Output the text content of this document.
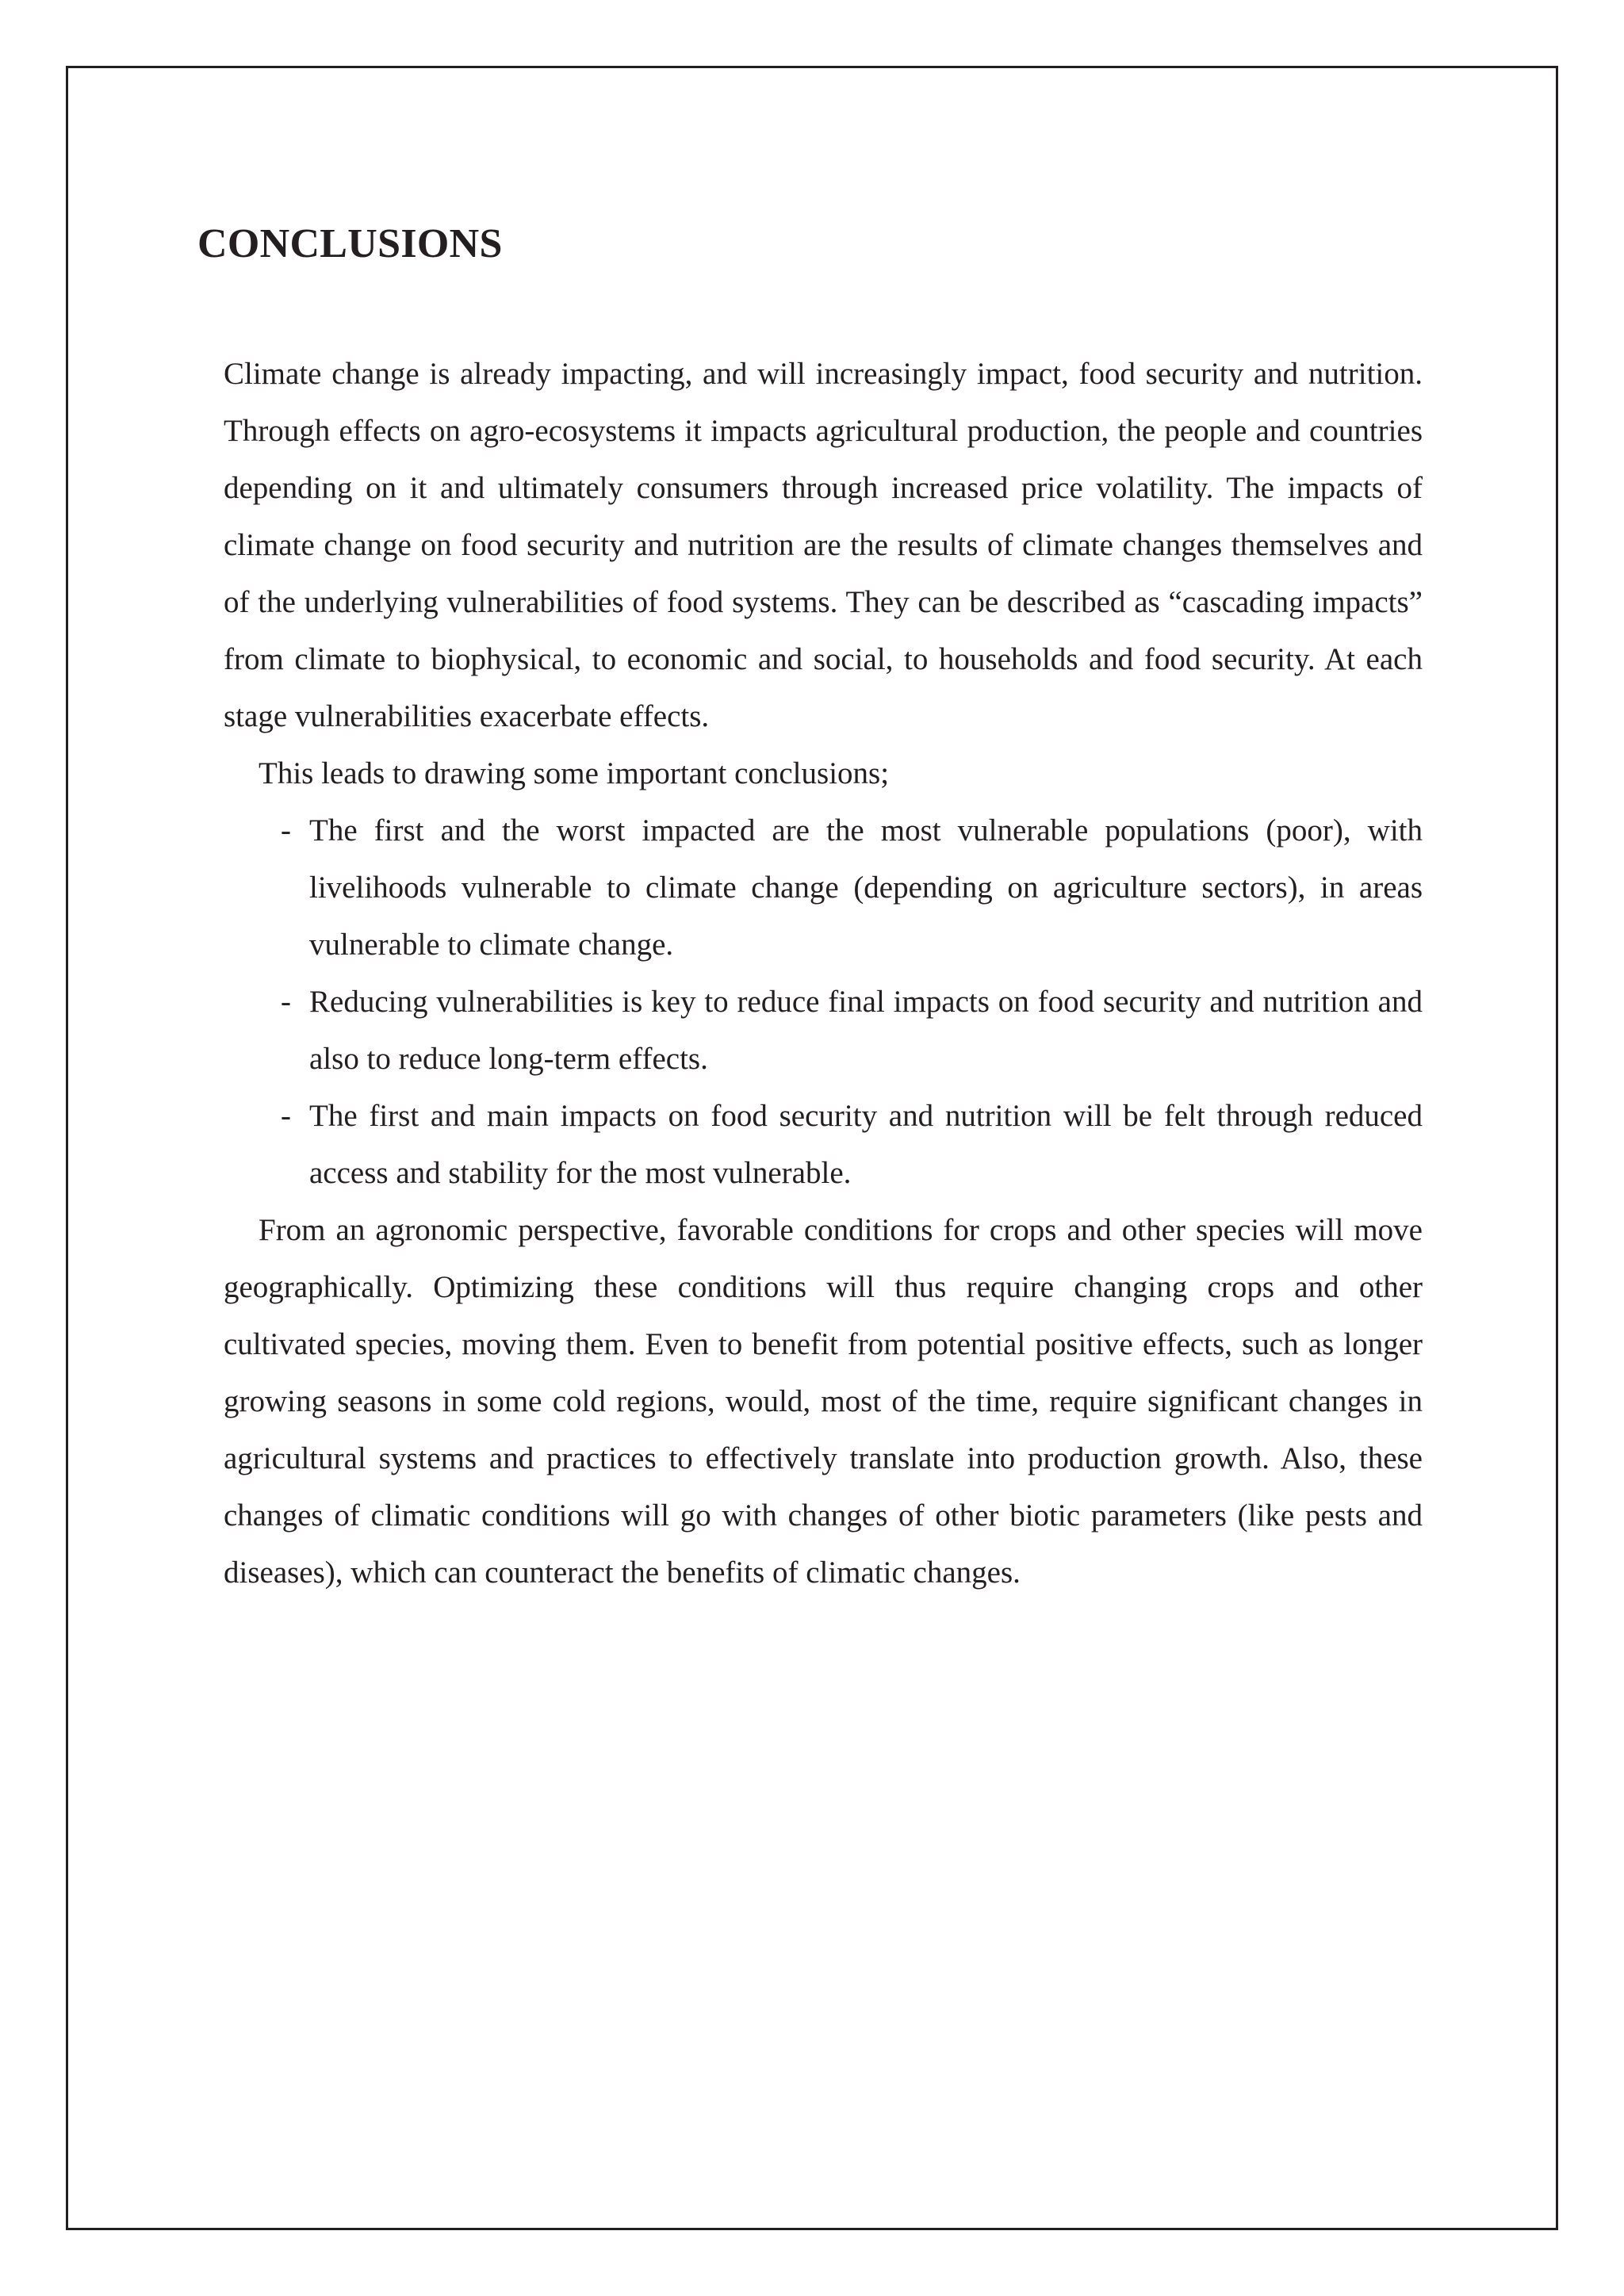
CONCLUSIONS

Climate change is already impacting, and will increasingly impact, food security and nutrition. Through effects on agro-ecosystems it impacts agricultural production, the people and countries depending on it and ultimately consumers through increased price volatility. The impacts of climate change on food security and nutrition are the results of climate changes themselves and of the underlying vulnerabilities of food systems. They can be described as “cascading impacts” from climate to biophysical, to economic and social, to households and food security. At each stage vulnerabilities exacerbate effects.

This leads to drawing some important conclusions;

- The first and the worst impacted are the most vulnerable populations (poor), with livelihoods vulnerable to climate change (depending on agriculture sectors), in areas vulnerable to climate change.
- Reducing vulnerabilities is key to reduce final impacts on food security and nutrition and also to reduce long-term effects.
- The first and main impacts on food security and nutrition will be felt through reduced access and stability for the most vulnerable.

From an agronomic perspective, favorable conditions for crops and other species will move geographically. Optimizing these conditions will thus require changing crops and other cultivated species, moving them. Even to benefit from potential positive effects, such as longer growing seasons in some cold regions, would, most of the time, require significant changes in agricultural systems and practices to effectively translate into production growth. Also, these changes of climatic conditions will go with changes of other biotic parameters (like pests and diseases), which can counteract the benefits of climatic changes.
